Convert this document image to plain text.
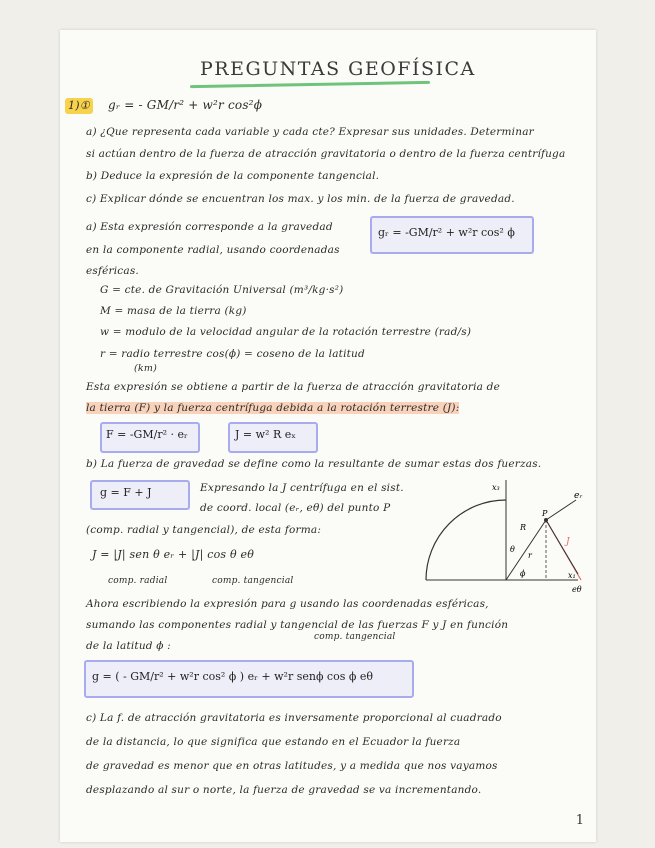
PREGUNTAS GEOFÍSICA
1)① gᵣ = - GM/r² + w²r cos²ϕ
a) ¿Que representa cada variable y cada cte? Expresar sus unidades. Determinar
si actúan dentro de la fuerza de atracción gravitatoria o dentro de la fuerza centrífuga
b) Deduce la expresión de la componente tangencial.
c) Explicar dónde se encuentran los max. y los min. de la fuerza de gravedad.
a) Esta expresión corresponde a la gravedad
en la componente radial, usando coordenadas
esféricas.
gᵣ = -GM/r² + w²r cos² ϕ
G = cte. de Gravitación Universal (m³/kg·s²)
M = masa de la tierra (kg)
w = modulo de la velocidad angular de la rotación terrestre (rad/s)
r = radio terrestre cos(ϕ) = coseno de la latitud
(km)
Esta expresión se obtiene a partir de la fuerza de atracción gravitatoria de
la tierra (F) y la fuerza centrífuga debida a la rotación terrestre (J):
F = -GM/r² · eᵣ	J = w² R eₓ
b) La fuerza de gravedad se define como la resultante de sumar estas dos fuerzas.
g = F + J	Expresando la J centrífuga en el sist.
de coord. local (eᵣ, eθ) del punto P
(comp. radial y tangencial), de esta forma:
J = |J| sen θ eᵣ + |J| cos θ eθ
comp. radial	comp. tangencial
x₃
eᵣ
P
R
r
θ
ϕ
J
eθ
x₁
Ahora escribiendo la expresión para g usando las coordenadas esféricas,
sumando las componentes radial y tangencial de las fuerzas F y J en función
comp. tangencial
de la latitud ϕ :
g = ( - GM/r² + w²r cos² ϕ ) eᵣ + w²r senϕ cos ϕ eθ
c) La f. de atracción gravitatoria es inversamente proporcional al cuadrado
de la distancia, lo que significa que estando en el Ecuador la fuerza
de gravedad es menor que en otras latitudes, y a medida que nos vayamos
desplazando al sur o norte, la fuerza de gravedad se va incrementando.
1
